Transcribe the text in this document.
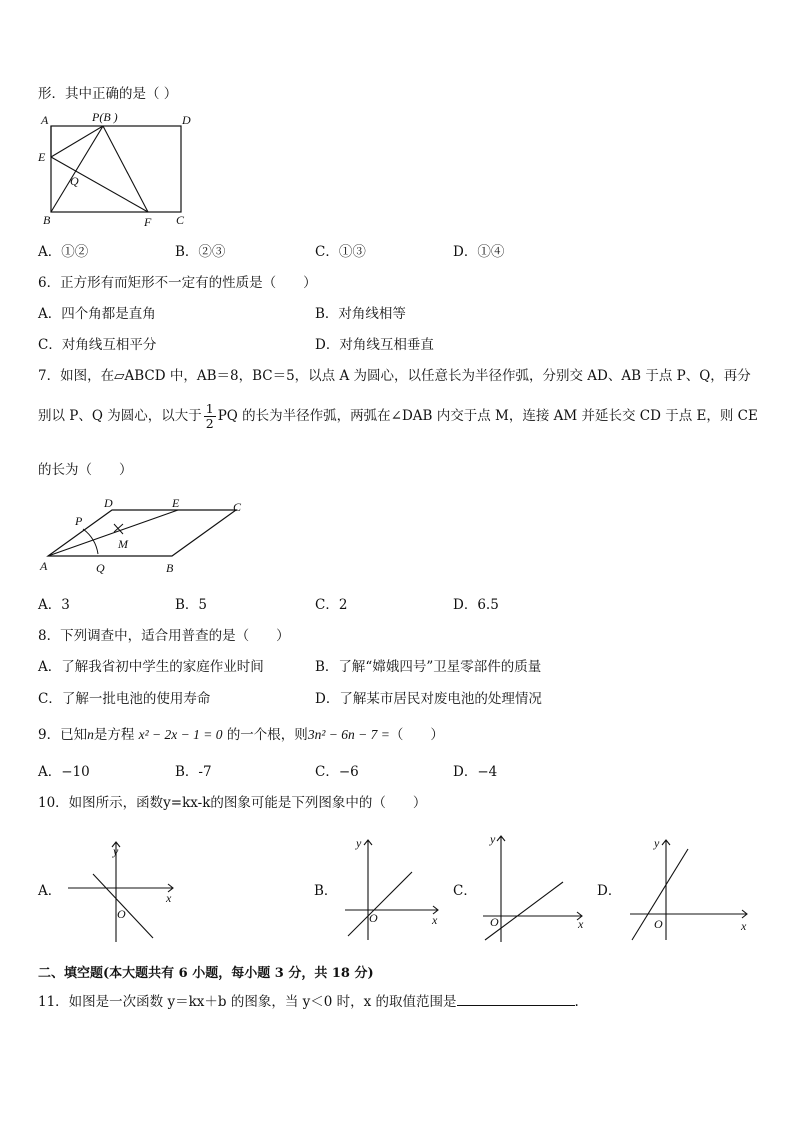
形．其中正确的是（ ）
A	P(B )	D
E
Q
B	F C
A．①②	B．②③	C．①③	D．①④
6．正方形有而矩形不一定有的性质是（　　）
A．四个角都是直角	B．对角线相等
C．对角线互相平分	D．对角线互相垂直
7．如图，在▱ABCD 中，AB＝8，BC＝5，以点 A 为圆心，以任意长为半径作弧，分别交 AD、AB 于点 P、Q，再分
别以 P、Q 为圆心，以大于 $\frac{1}{2}$ PQ 的长为半径作弧，两弧在∠DAB 内交于点 M，连接 AM 并延长交 CD 于点 E，则 CE
的长为（　　）
D	E	C
P
M
A	Q	B
A．3	B．5	C．2	D．6.5
8．下列调查中，适合用普查的是（　　）
A．了解我省初中学生的家庭作业时间	B．了解“嫦娥四号”卫星零部件的质量
C．了解一批电池的使用寿命	D．了解某市居民对废电池的处理情况
9．已知n是方程 x² − 2x − 1 = 0 的一个根，则3n² − 6n − 7 =（　　）
A．−10	B．-7	C．−6	D．−4
10．如图所示，函数y=kx-k的图象可能是下列图象中的（　　）
A．	x
y
O
B．
x
y
O
C．
x
y
O
D．
x
y
O
二、填空题(本大题共有 6 小题，每小题 3 分，共 18 分)
11．如图是一次函数 y＝kx＋b 的图象，当 y＜0 时，x 的取值范围是	.
